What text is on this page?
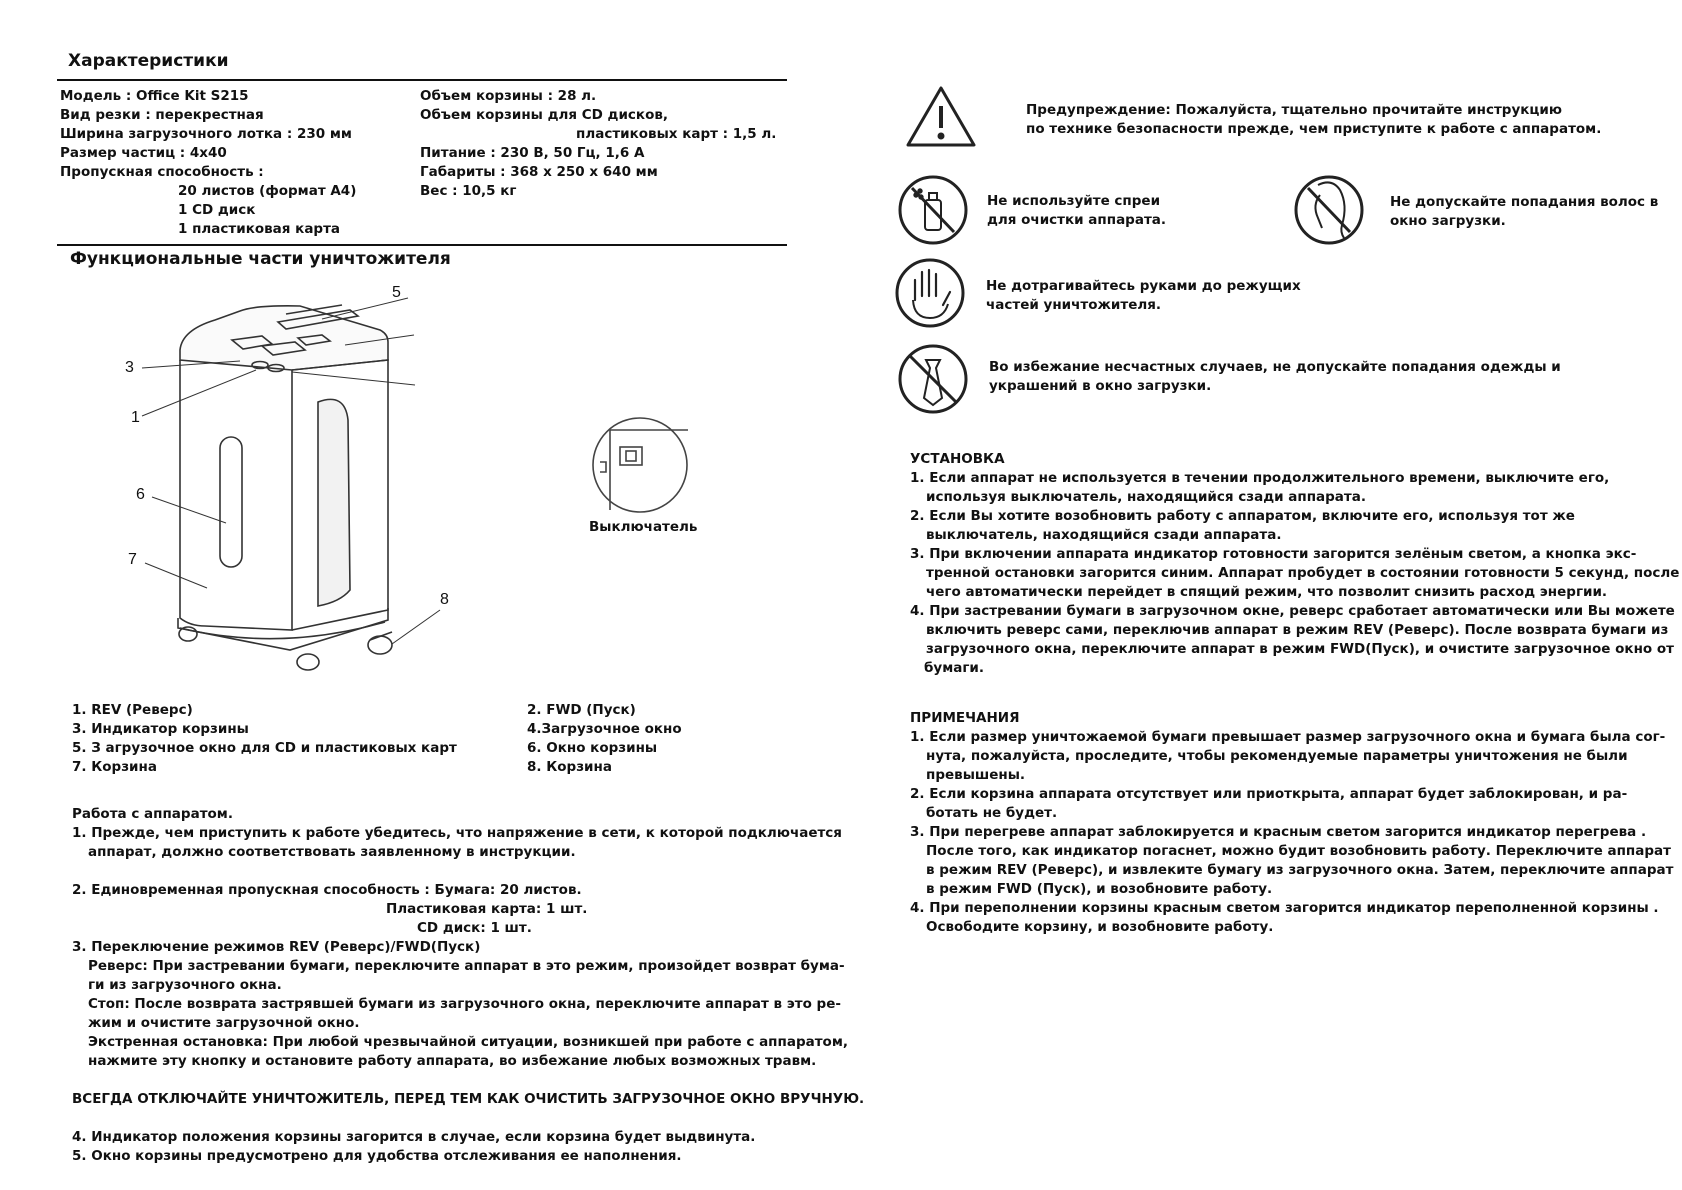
Характеристики
Модель : Office Kit S215
Вид резки : перекрестная
Ширина загрузочного лотка : 230 мм
Размер частиц : 4х40
Пропускная способность :
20 листов (формат А4)
1 CD диск
1 пластиковая карта
Объем корзины : 28 л.
Объем корзины для CD дисков,
пластиковых карт : 1,5 л.
Питание : 230 В, 50 Гц, 1,6 А
Габариты : 368 х 250 х 640 мм
Вес : 10,5 кг
Функциональные части уничтожителя
3
1
6
7
8
5
Выключатель
1. REV (Реверс)
3. Индикатор корзины
5. З агрузочное окно для CD и пластиковых карт
7. Корзина
2. FWD (Пуск)
4.Загрузочное окно
6. Окно корзины
8. Корзина
Работа с аппаратом.
1. Прежде, чем приступить к работе убедитесь, что напряжение в сети, к которой подключается
аппарат, должно соответствовать заявленному в инструкции.
2. Единовременная пропускная способность : Бумага: 20 листов.
Пластиковая карта: 1 шт.
CD диск: 1 шт.
3. Переключение режимов REV (Реверс)/FWD(Пуск)
Реверс: При застревании бумаги, переключите аппарат в это режим, произойдет возврат бума-
ги из загрузочного окна.
Стоп: После возврата застрявшей бумаги из загрузочного окна, переключите аппарат в это ре-
жим и очистите загрузочной окно.
Экстренная остановка: При любой чрезвычайной ситуации, возникшей при работе с аппаратом,
нажмите эту кнопку и остановите работу аппарата, во избежание любых возможных травм.
ВСЕГДА ОТКЛЮЧАЙТЕ УНИЧТОЖИТЕЛЬ, ПЕРЕД ТЕМ КАК ОЧИСТИТЬ ЗАГРУЗОЧНОЕ ОКНО ВРУЧНУЮ.
4. Индикатор положения корзины загорится в случае, если корзина будет выдвинута.
5. Окно корзины предусмотрено для удобства отслеживания ее наполнения.
Предупреждение: Пожалуйста, тщательно прочитайте инструкцию
по технике безопасности прежде, чем приступите к работе с аппаратом.
Не используйте спреи
для очистки аппарата.
Не допускайте попадания волос в
окно загрузки.
Не дотрагивайтесь руками до режущих
частей уничтожителя.
Во избежание несчастных случаев, не допускайте попадания одежды и
украшений в окно загрузки.
УСТАНОВКА
1. Если аппарат не используется в течении продолжительного времени, выключите его,
используя выключатель, находящийся сзади аппарата.
2. Если Вы хотите возобновить работу с аппаратом, включите его, используя тот же
выключатель, находящийся сзади аппарата.
3. При включении аппарата индикатор готовности загорится зелёным светом, а кнопка экс-
тренной остановки загорится синим. Аппарат пробудет в состоянии готовности 5 секунд, после
чего автоматически перейдет в спящий режим, что позволит снизить расход энергии.
4. При застревании бумаги в загрузочном окне, реверс сработает автоматически или Вы можете
включить реверс сами, переключив аппарат в режим REV (Реверс). После возврата бумаги из
загрузочного окна, переключите аппарат в режим FWD(Пуск), и очистите загрузочное окно от
бумаги.
ПРИМЕЧАНИЯ
1. Если размер уничтожаемой бумаги превышает размер загрузочного окна и бумага была сог-
нута, пожалуйста, проследите, чтобы рекомендуемые параметры уничтожения не были
превышены.
2. Если корзина аппарата отсутствует или приоткрыта, аппарат будет заблокирован, и ра-
ботать не будет.
3. При перегреве аппарат заблокируется и красным светом загорится индикатор перегрева .
После того, как индикатор погаснет, можно будит возобновить работу. Переключите аппарат
в режим REV (Реверс), и извлеките бумагу из загрузочного окна. Затем, переключите аппарат
в режим FWD (Пуск), и возобновите работу.
4. При переполнении корзины красным светом загорится индикатор переполненной корзины .
Освободите корзину, и возобновите работу.
